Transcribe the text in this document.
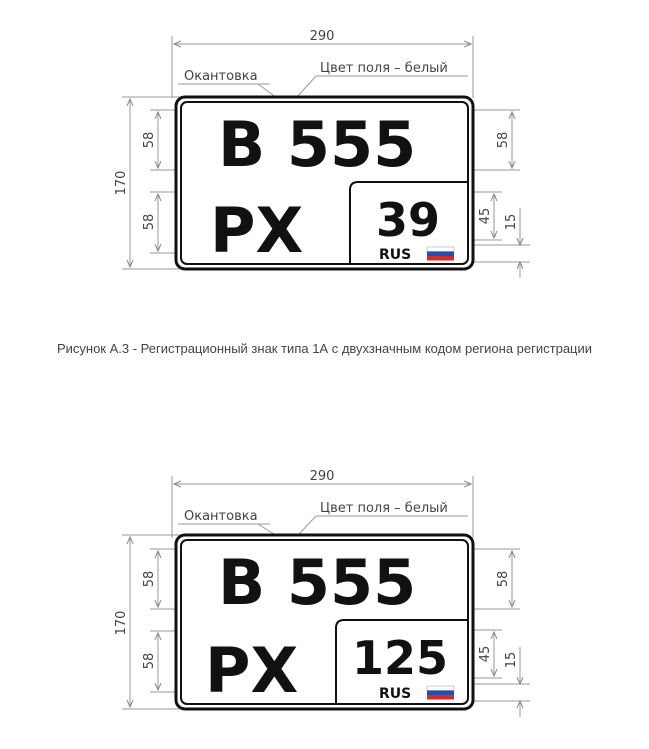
B 555
PX 39
RUS
290
Окантовка
Цвет поля – белый
170
58
58
58
45 15
Рисунок А.3 - Регистрационный знак типа 1А с двухзначным кодом региона регистрации
B 555
PX 125
RUS
290
Окантовка
Цвет поля – белый
170
58
58
58
45 15
